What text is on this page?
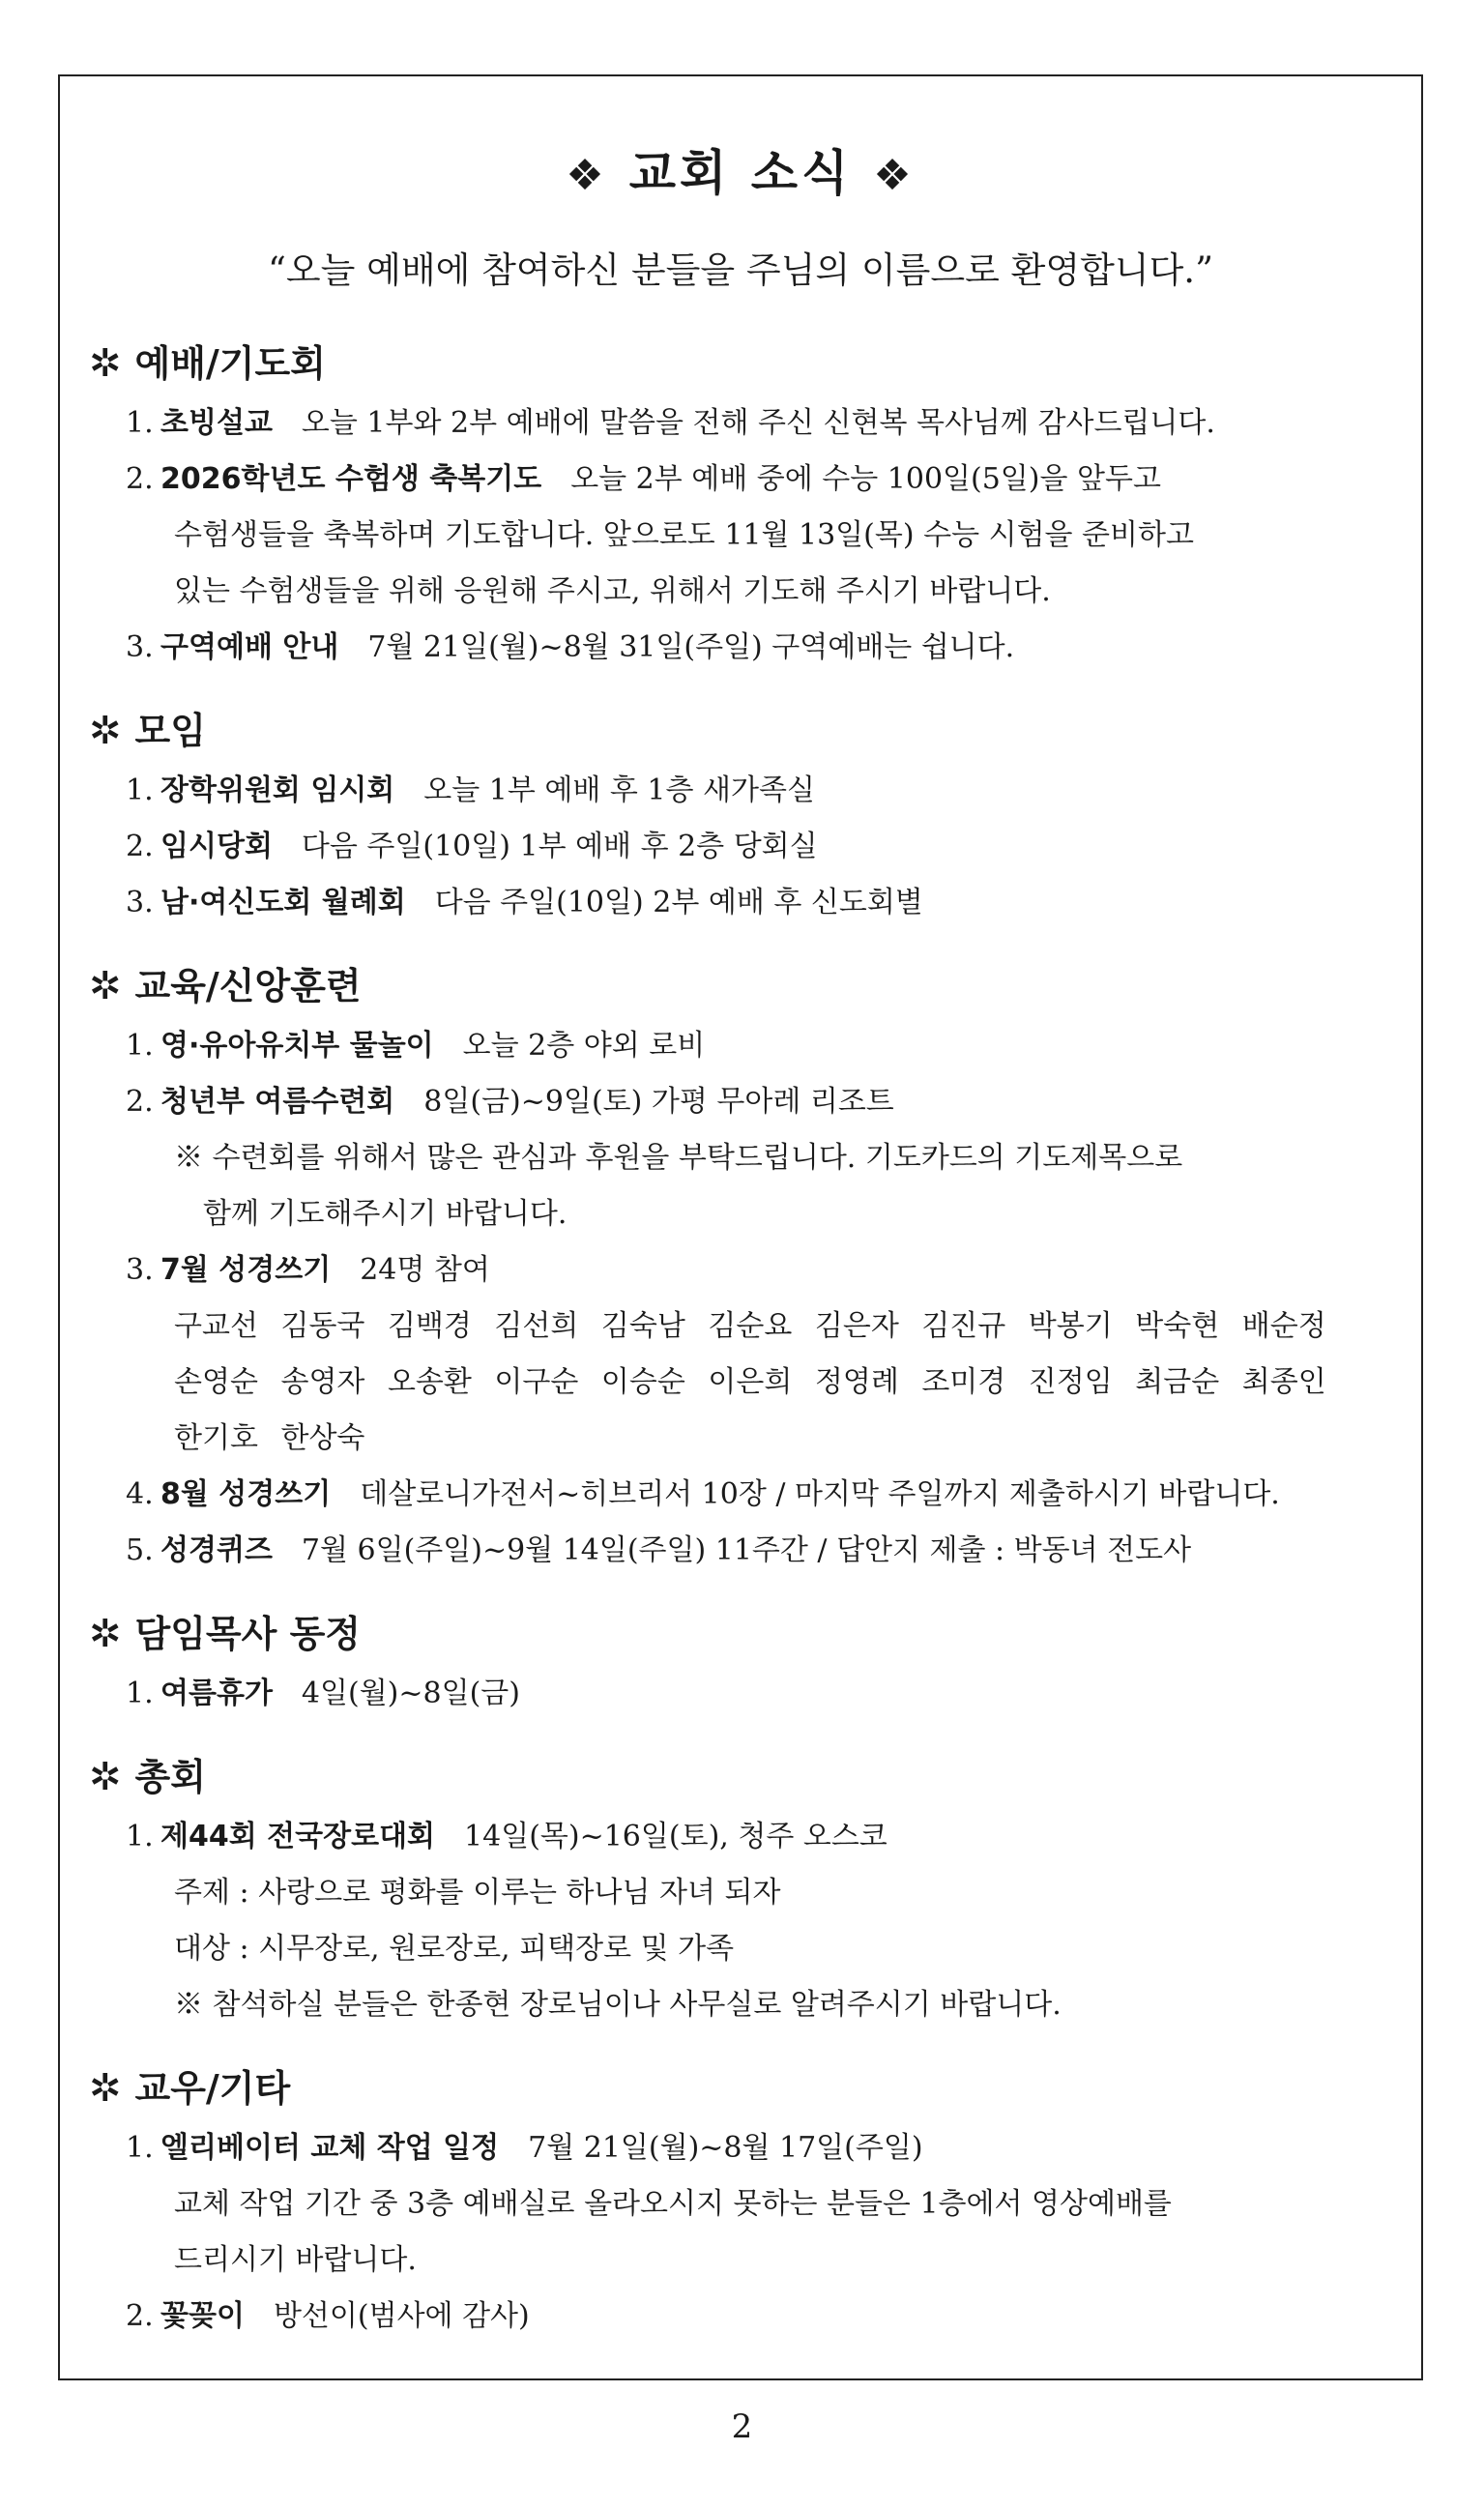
❖ 교회 소식 ❖
“오늘 예배에 참여하신 분들을 주님의 이름으로 환영합니다.”
✲ 예배/기도회
1. 초빙설교 오늘 1부와 2부 예배에 말씀을 전해 주신 신현복 목사님께 감사드립니다.
2. 2026학년도 수험생 축복기도 오늘 2부 예배 중에 수능 100일(5일)을 앞두고
수험생들을 축복하며 기도합니다. 앞으로도 11월 13일(목) 수능 시험을 준비하고
있는 수험생들을 위해 응원해 주시고, 위해서 기도해 주시기 바랍니다.
3. 구역예배 안내 7월 21일(월)~8월 31일(주일) 구역예배는 쉽니다.
✲ 모임
1. 장학위원회 임시회 오늘 1부 예배 후 1층 새가족실
2. 임시당회 다음 주일(10일) 1부 예배 후 2층 당회실
3. 남·여신도회 월례회 다음 주일(10일) 2부 예배 후 신도회별
✲ 교육/신앙훈련
1. 영·유아유치부 물놀이 오늘 2층 야외 로비
2. 청년부 여름수련회 8일(금)~9일(토) 가평 무아레 리조트
※ 수련회를 위해서 많은 관심과 후원을 부탁드립니다. 기도카드의 기도제목으로
함께 기도해주시기 바랍니다.
3. 7월 성경쓰기 24명 참여
구교선 김동국 김백경 김선희 김숙남 김순요 김은자 김진규 박봉기 박숙현 배순정
손영순 송영자 오송환 이구순 이승순 이은희 정영례 조미경 진정임 최금순 최종인
한기호 한상숙
4. 8월 성경쓰기 데살로니가전서~히브리서 10장 / 마지막 주일까지 제출하시기 바랍니다.
5. 성경퀴즈 7월 6일(주일)~9월 14일(주일) 11주간 / 답안지 제출 : 박동녀 전도사
✲ 담임목사 동정
1. 여름휴가 4일(월)~8일(금)
✲ 총회
1. 제44회 전국장로대회 14일(목)~16일(토), 청주 오스코
주제 : 사랑으로 평화를 이루는 하나님 자녀 되자
대상 : 시무장로, 원로장로, 피택장로 및 가족
※ 참석하실 분들은 한종현 장로님이나 사무실로 알려주시기 바랍니다.
✲ 교우/기타
1. 엘리베이터 교체 작업 일정 7월 21일(월)~8월 17일(주일)
교체 작업 기간 중 3층 예배실로 올라오시지 못하는 분들은 1층에서 영상예배를
드리시기 바랍니다.
2. 꽃꽂이 방선이(범사에 감사)
2
